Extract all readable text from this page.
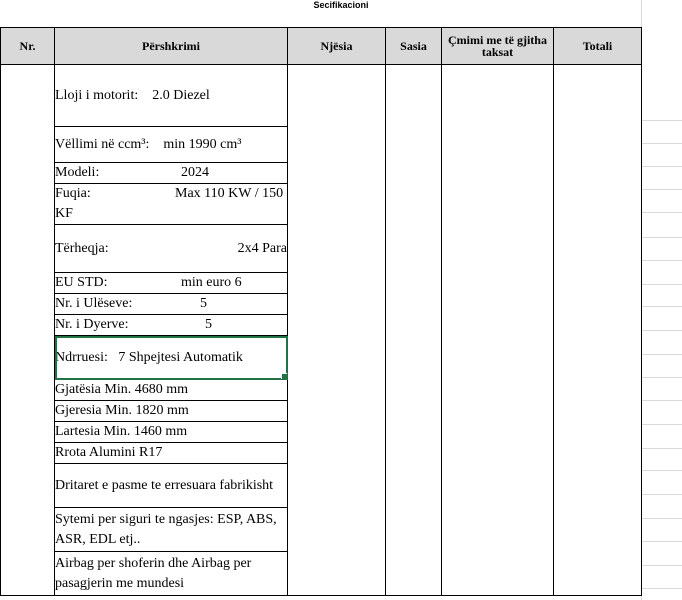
Secifikacioni
Nr.	Përshkrimi	Njësia	Sasia	Çmimi me të gjitha taksat	Totali
	Lloji i motorit: 2.0 Diezel				
	Vëllimi në ccm³: min 1990 cm³				
	Modeli: 2024				
	Fuqia: Max 110 KW / 150 KF				

	Tërheqja: 2x4 Para				

	EU STD: min euro 6				
	Nr. i Ulëseve: 5				
	Nr. i Dyerve: 5				
	Ndrruesi: 7 Shpejtesi Automatik				

	Gjatësia Min. 4680 mm				
	Gjeresia Min. 1820 mm				
	Lartesia Min. 1460 mm				
	Rrota Alumini R17				
	Dritaret e pasme te erresuara fabrikisht				
	Sytemi per siguri te ngasjes: ESP, ABS, ASR, EDL etj..				
	Airbag per shoferin dhe Airbag per pasagjerin me mundesi				
